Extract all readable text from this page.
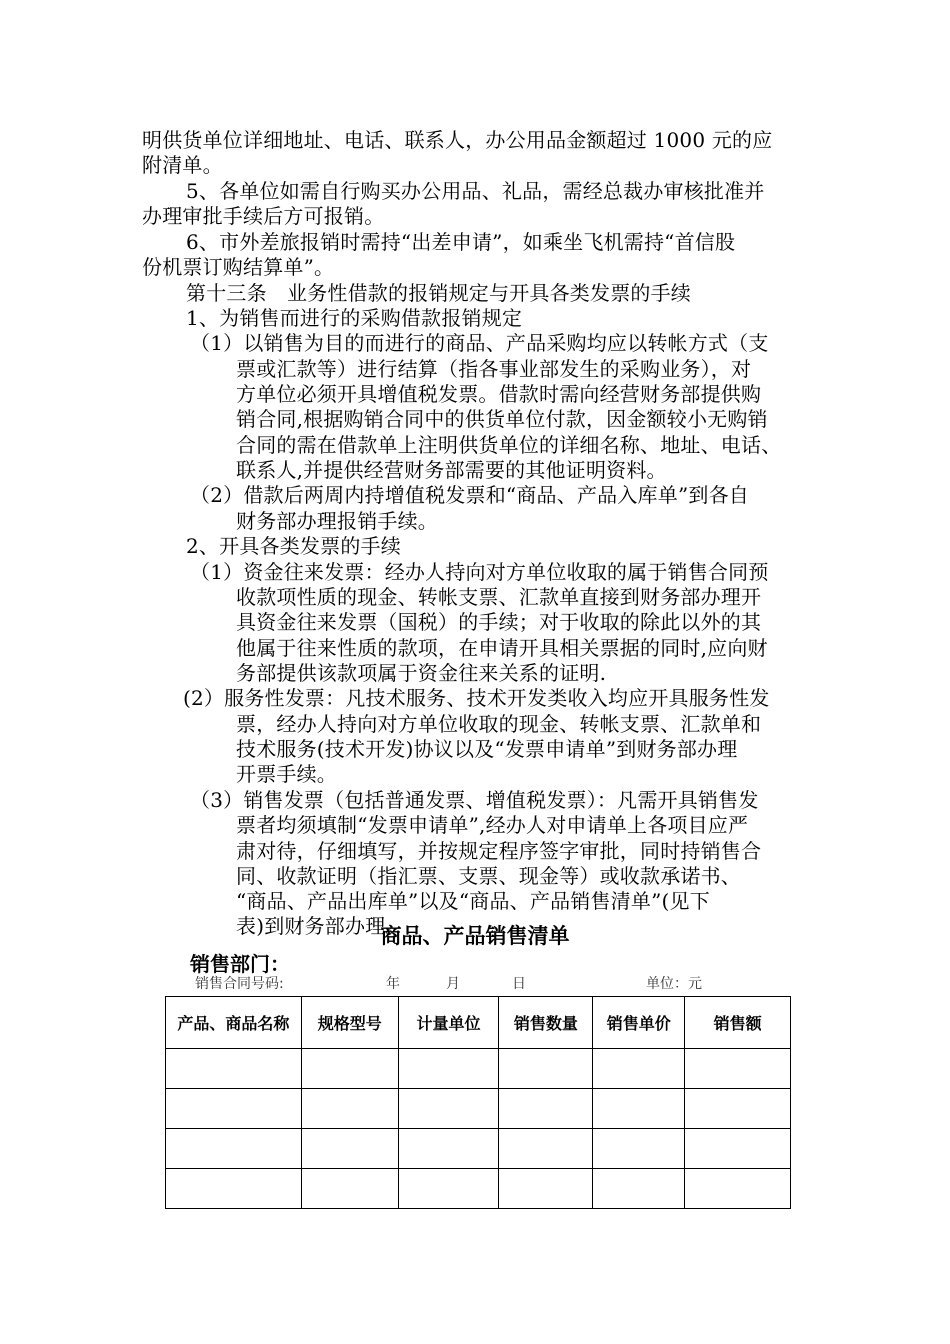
明供货单位详细地址、电话、联系人，办公用品金额超过 1000 元的应
附清单。
5、各单位如需自行购买办公用品、礼品，需经总裁办审核批准并
办理审批手续后方可报销。
6、市外差旅报销时需持“出差申请”，如乘坐飞机需持“首信股
份机票订购结算单”。
第十三条　业务性借款的报销规定与开具各类发票的手续
1、为销售而进行的采购借款报销规定
（1）以销售为目的而进行的商品、产品采购均应以转帐方式（支
票或汇款等）进行结算（指各事业部发生的采购业务），对
方单位必须开具增值税发票。借款时需向经营财务部提供购
销合同,根据购销合同中的供货单位付款，因金额较小无购销
合同的需在借款单上注明供货单位的详细名称、地址、电话、
联系人,并提供经营财务部需要的其他证明资料。
（2）借款后两周内持增值税发票和“商品、产品入库单”到各自
财务部办理报销手续。
2、开具各类发票的手续
（1）资金往来发票：经办人持向对方单位收取的属于销售合同预
收款项性质的现金、转帐支票、汇款单直接到财务部办理开
具资金往来发票（国税）的手续；对于收取的除此以外的其
他属于往来性质的款项，在申请开具相关票据的同时,应向财
务部提供该款项属于资金往来关系的证明.
(2）服务性发票：凡技术服务、技术开发类收入均应开具服务性发
票，经办人持向对方单位收取的现金、转帐支票、汇款单和
技术服务(技术开发)协议以及“发票申请单”到财务部办理
开票手续。
（3）销售发票（包括普通发票、增值税发票）：凡需开具销售发
票者均须填制“发票申请单”,经办人对申请单上各项目应严
肃对待，仔细填写，并按规定程序签字审批，同时持销售合
同、收款证明（指汇票、支票、现金等）或收款承诺书、
“商品、产品出库单”以及“商品、产品销售清单”(见下
表)到财务部办理。
商品、产品销售清单
销售部门：
销售合同号码:	年	月	日	单位：元
产品、商品名称	规格型号	计量单位	销售数量	销售单价	销售额
